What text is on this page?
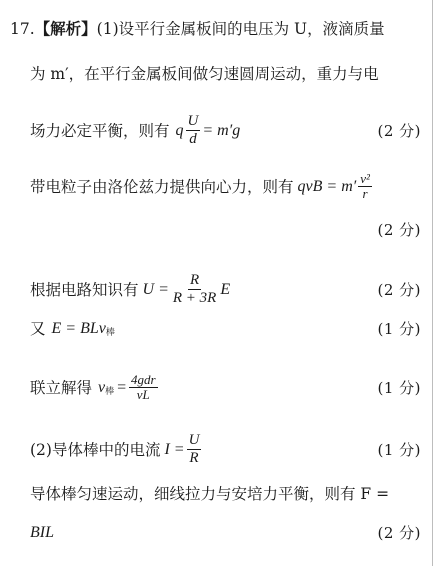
17. 【解析】 (1)设平行金属板间的电压为 U，液滴质量
为 m′，在平行金属板间做匀速圆周运动，重力与电
场力必定平衡，则有 q $\frac{U}{d} = m'g$	(2 分)
带电粒子由洛伦兹力提供向心力，则有 qvB = $m' \frac{\text{v²}}{r}$
(2 分)
根据电路知识有 $U = \frac{R}{R + 3R}$ E	(2 分)
又 E = BLv 棒	(1 分)
联立解得 v 棒 = $\frac{\text{4gdr}}{vL}$	(1 分)
(2)导体棒中的电流 $I = \frac{U}{R}$	(1 分)
导体棒匀速运动，细线拉力与安培力平衡，则有 F =
BIL	(2 分)
